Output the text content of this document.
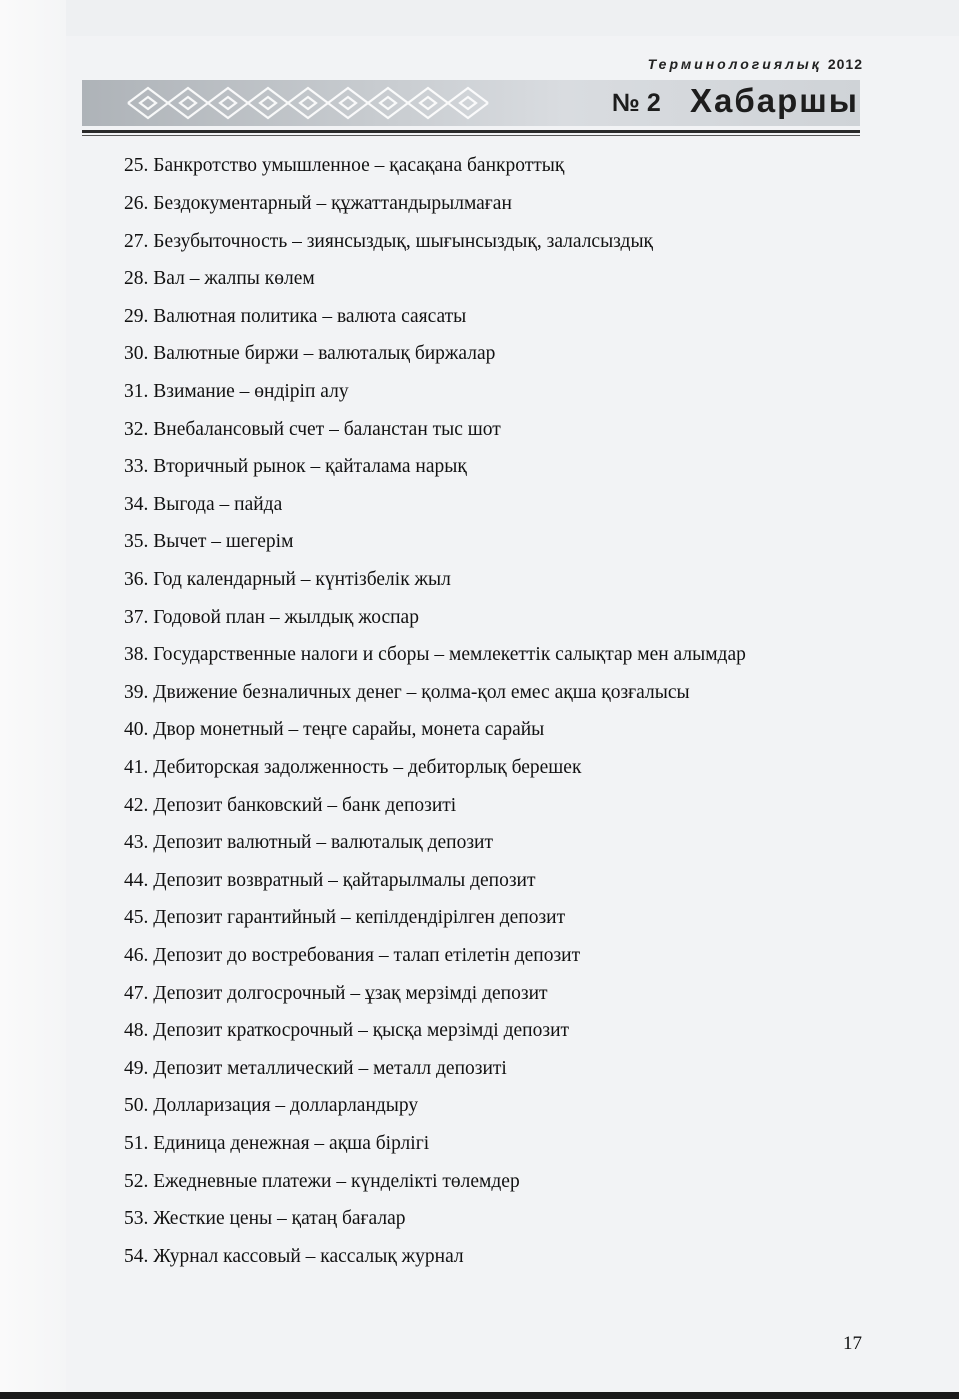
Терминологиялық 2012
№ 2 Хабаршы
25. Банкротство умышленное – қасақана банкроттық
26. Бездокументарный – құжаттандырылмаған
27. Безубыточность – зиянсыздық, шығынсыздық, залалсыздық
28. Вал – жалпы көлем
29. Валютная политика – валюта саясаты
30. Валютные биржи – валюталық биржалар
31. Взимание – өндіріп алу
32. Внебалансовый счет – баланстан тыс шот
33. Вторичный рынок – қайталама нарық
34. Выгода – пайда
35. Вычет – шегерім
36. Год календарный – күнтізбелік жыл
37. Годовой план – жылдық жоспар
38. Государственные налоги и сборы – мемлекеттік салықтар мен алымдар
39. Движение безналичных денег – қолма-қол емес ақша қозғалысы
40. Двор монетный – теңге сарайы, монета сарайы
41. Дебиторская задолженность – дебиторлық берешек
42. Депозит банковский – банк депозиті
43. Депозит валютный – валюталық депозит
44. Депозит возвратный – қайтарылмалы депозит
45. Депозит гарантийный – кепілдендірілген депозит
46. Депозит до востребования – талап етілетін депозит
47. Депозит долгосрочный – ұзақ мерзімді депозит
48. Депозит краткосрочный – қысқа мерзімді депозит
49. Депозит металлический – металл депозиті
50. Долларизация – долларландыру
51. Единица денежная – ақша бірлігі
52. Ежедневные платежи – күнделікті төлемдер
53. Жесткие цены – қатаң бағалар
54. Журнал кассовый – кассалық журнал
17
